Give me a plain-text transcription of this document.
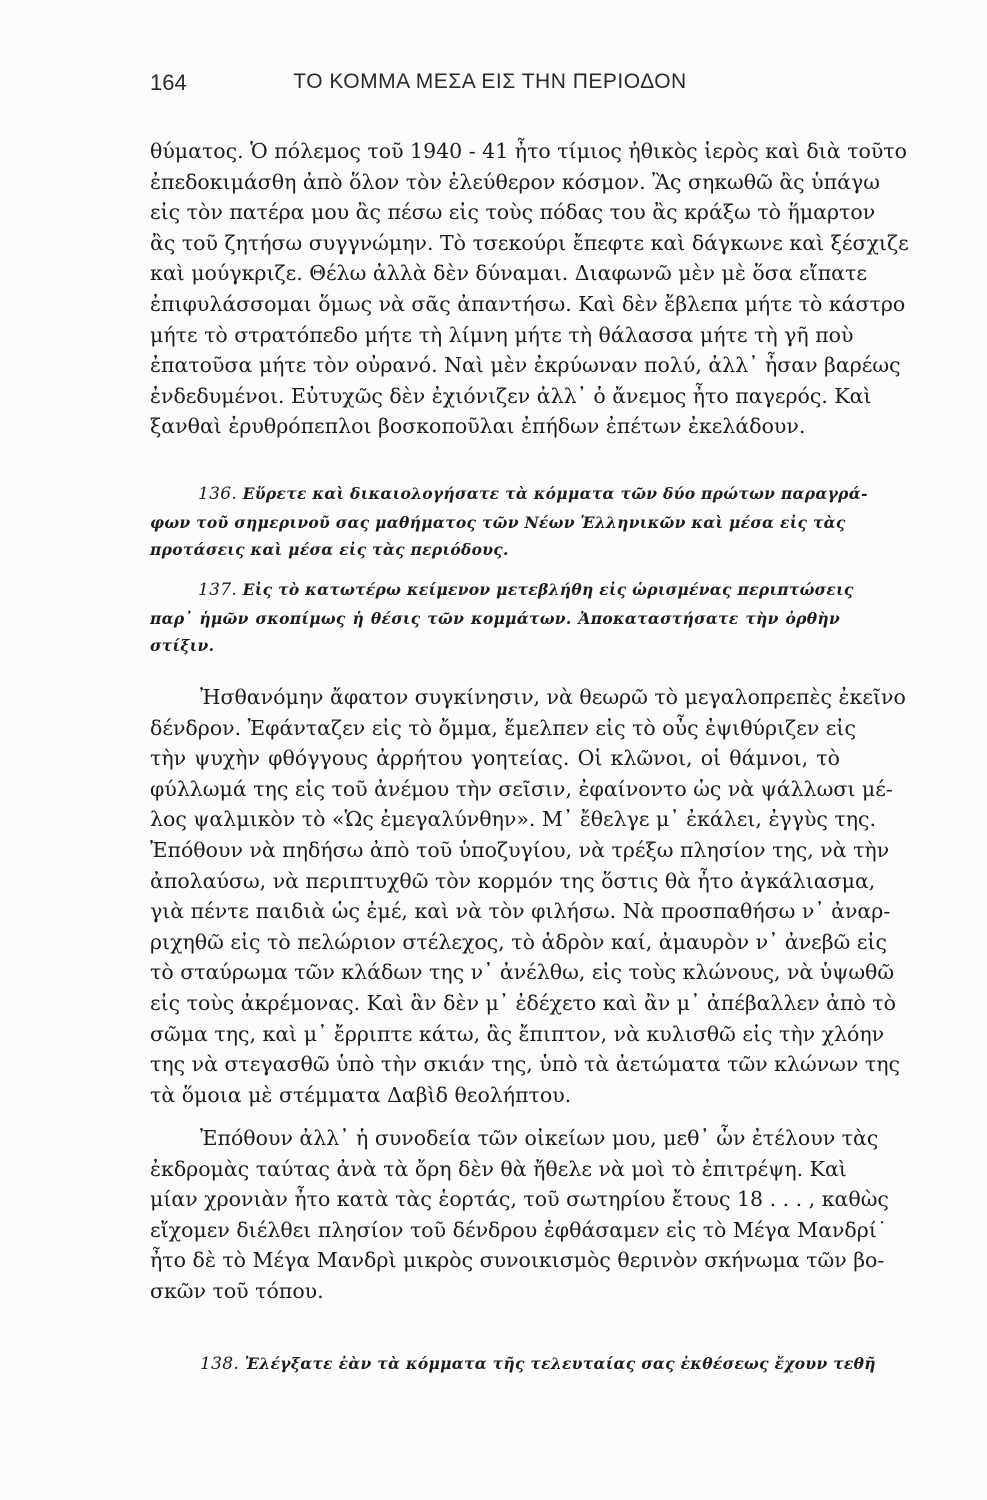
164	ΤΟ ΚΟΜΜΑ ΜΕΣΑ ΕΙΣ ΤΗΝ ΠΕΡΙΟΔΟΝ
θύματος. Ὁ πόλεμος τοῦ 1940 - 41 ἦτο τίμιος ἠθικὸς ἱερὸς καὶ διὰ τοῦτο
ἐπεδοκιμάσθη ἀπὸ ὅλον τὸν ἐλεύθερον κόσμον. Ἂς σηκωθῶ ἂς ὑπάγω
εἰς τὸν πατέρα μου ἂς πέσω εἰς τοὺς πόδας του ἂς κράξω τὸ ἥμαρτον
ἂς τοῦ ζητήσω συγγνώμην. Τὸ τσεκούρι ἔπεφτε καὶ δάγκωνε καὶ ξέσχιζε
καὶ μούγκριζε. Θέλω ἀλλὰ δὲν δύναμαι. Διαφωνῶ μὲν μὲ ὅσα εἴπατε
ἐπιφυλάσσομαι ὅμως νὰ σᾶς ἀπαντήσω. Καὶ δὲν ἔβλεπα μήτε τὸ κάστρο
μήτε τὸ στρατόπεδο μήτε τὴ λίμνη μήτε τὴ θάλασσα μήτε τὴ γῆ ποὺ
ἐπατοῦσα μήτε τὸν οὐρανό. Ναὶ μὲν ἐκρύωναν πολύ, ἀλλ᾽ ἦσαν βαρέως
ἐνδεδυμένοι. Εὐτυχῶς δὲν ἐχιόνιζεν ἀλλ᾽ ὁ ἄνεμος ἦτο παγερός. Καὶ
ξανθαὶ ἐρυθρόπεπλοι βοσκοποῦλαι ἐπήδων ἐπέτων ἐκελάδουν.
136. Εὕρετε καὶ δικαιολογήσατε τὰ κόμματα τῶν δύο πρώτων παραγρά-
φων τοῦ σημερινοῦ σας μαθήματος τῶν Νέων Ἑλληνικῶν καὶ μέσα εἰς τὰς
προτάσεις καὶ μέσα εἰς τὰς περιόδους.
137. Εἰς τὸ κατωτέρω κείμενον μετεβλήθη εἰς ὡρισμένας περιπτώσεις
παρ᾽ ἡμῶν σκοπίμως ἡ θέσις τῶν κομμάτων. Ἀποκαταστήσατε τὴν ὀρθὴν
στίξιν.
Ἠσθανόμην ἄφατον συγκίνησιν, νὰ θεωρῶ τὸ μεγαλοπρεπὲς ἐκεῖνο
δένδρον. Ἐφάνταζεν εἰς τὸ ὄμμα, ἔμελπεν εἰς τὸ οὖς ἐψιθύριζεν εἰς
τὴν ψυχὴν φθόγγους ἀρρήτου γοητείας. Οἱ κλῶνοι, οἱ θάμνοι, τὸ
φύλλωμά της εἰς τοῦ ἀνέμου τὴν σεῖσιν, ἐφαίνοντο ὡς νὰ ψάλλωσι μέ-
λος ψαλμικὸν τὸ «Ὡς ἐμεγαλύνθην». Μ᾽ ἔθελγε μ᾽ ἐκάλει, ἐγγὺς της.
Ἐπόθουν νὰ πηδήσω ἀπὸ τοῦ ὑποζυγίου, νὰ τρέξω πλησίον της, νὰ τὴν
ἀπολαύσω, νὰ περιπτυχθῶ τὸν κορμόν της ὅστις θὰ ἦτο ἀγκάλιασμα,
γιὰ πέντε παιδιὰ ὡς ἐμέ, καὶ νὰ τὸν φιλήσω. Νὰ προσπαθήσω ν᾽ ἀναρ-
ριχηθῶ εἰς τὸ πελώριον στέλεχος, τὸ ἁδρὸν καί, ἀμαυρὸν ν᾽ ἀνεβῶ εἰς
τὸ σταύρωμα τῶν κλάδων της ν᾽ ἀνέλθω, εἰς τοὺς κλώνους, νὰ ὑψωθῶ
εἰς τοὺς ἀκρέμονας. Καὶ ἂν δὲν μ᾽ ἐδέχετο καὶ ἂν μ᾽ ἀπέβαλλεν ἀπὸ τὸ
σῶμα της, καὶ μ᾽ ἔρριπτε κάτω, ἂς ἔπιπτον, νὰ κυλισθῶ εἰς τὴν χλόην
της νὰ στεγασθῶ ὑπὸ τὴν σκιάν της, ὑπὸ τὰ ἀετώματα τῶν κλώνων της
τὰ ὅμοια μὲ στέμματα Δαβὶδ θεολήπτου.
Ἐπόθουν ἀλλ᾽ ἡ συνοδεία τῶν οἰκείων μου, μεθ᾽ ὧν ἐτέλουν τὰς
ἐκδρομὰς ταύτας ἀνὰ τὰ ὄρη δὲν θὰ ἤθελε νὰ μοὶ τὸ ἐπιτρέψη. Καὶ
μίαν χρονιὰν ἦτο κατὰ τὰς ἑορτάς, τοῦ σωτηρίου ἔτους 18 . . . , καθὼς
εἴχομεν διέλθει πλησίον τοῦ δένδρου ἐφθάσαμεν εἰς τὸ Μέγα Μανδρί˙
ἦτο δὲ τὸ Μέγα Μανδρὶ μικρὸς συνοικισμὸς θερινὸν σκήνωμα τῶν βο-
σκῶν τοῦ τόπου.
138. Ἐλέγξατε ἐὰν τὰ κόμματα τῆς τελευταίας σας ἐκθέσεως ἔχουν τεθῆ
